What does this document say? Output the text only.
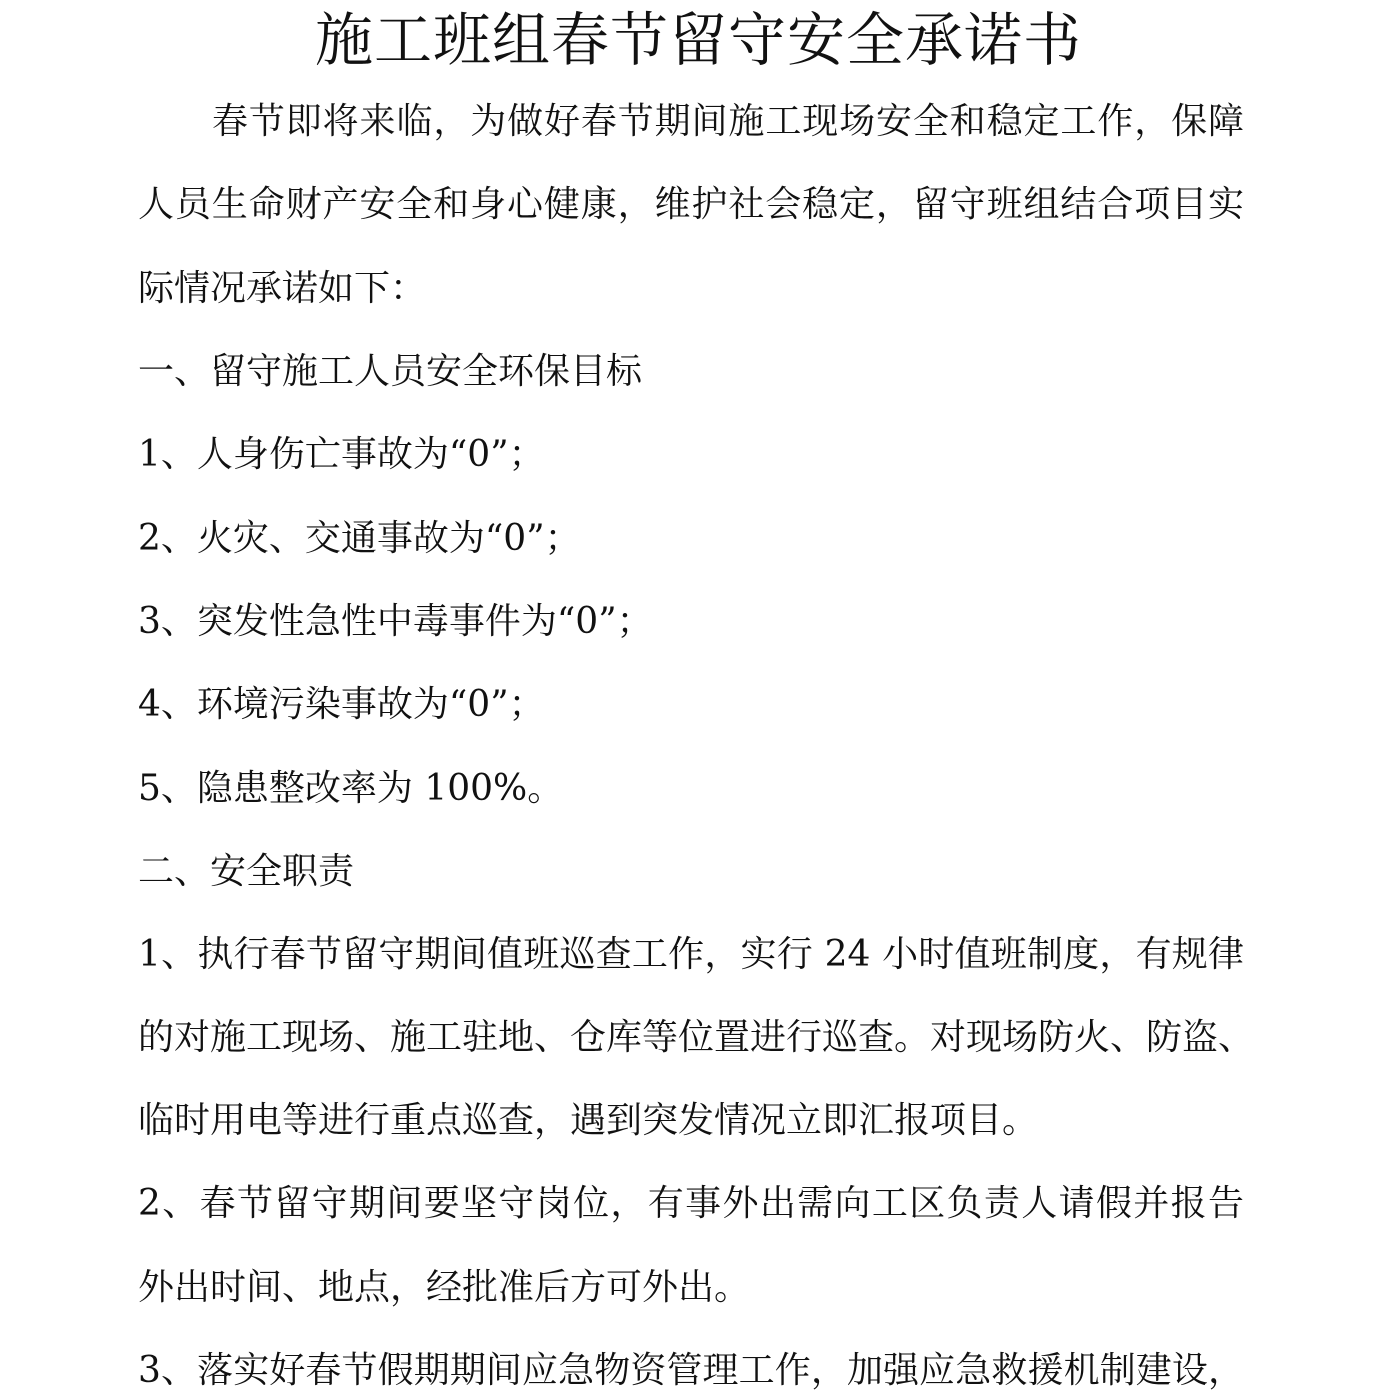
施工班组春节留守安全承诺书

春节即将来临，为做好春节期间施工现场安全和稳定工作，保障

人员生命财产安全和身心健康，维护社会稳定，留守班组结合项目实

际情况承诺如下：

一、留守施工人员安全环保目标

1、人身伤亡事故为“0”；

2、火灾、交通事故为“0”；

3、突发性急性中毒事件为“0”；

4、环境污染事故为“0”；

5、隐患整改率为 100%。

二、安全职责

1、执行春节留守期间值班巡查工作，实行 24 小时值班制度，有规律

的对施工现场、施工驻地、仓库等位置进行巡查。对现场防火、防盗、

临时用电等进行重点巡查，遇到突发情况立即汇报项目。

2、春节留守期间要坚守岗位，有事外出需向工区负责人请假并报告

外出时间、地点，经批准后方可外出。

3、落实好春节假期期间应急物资管理工作，加强应急救援机制建设，
